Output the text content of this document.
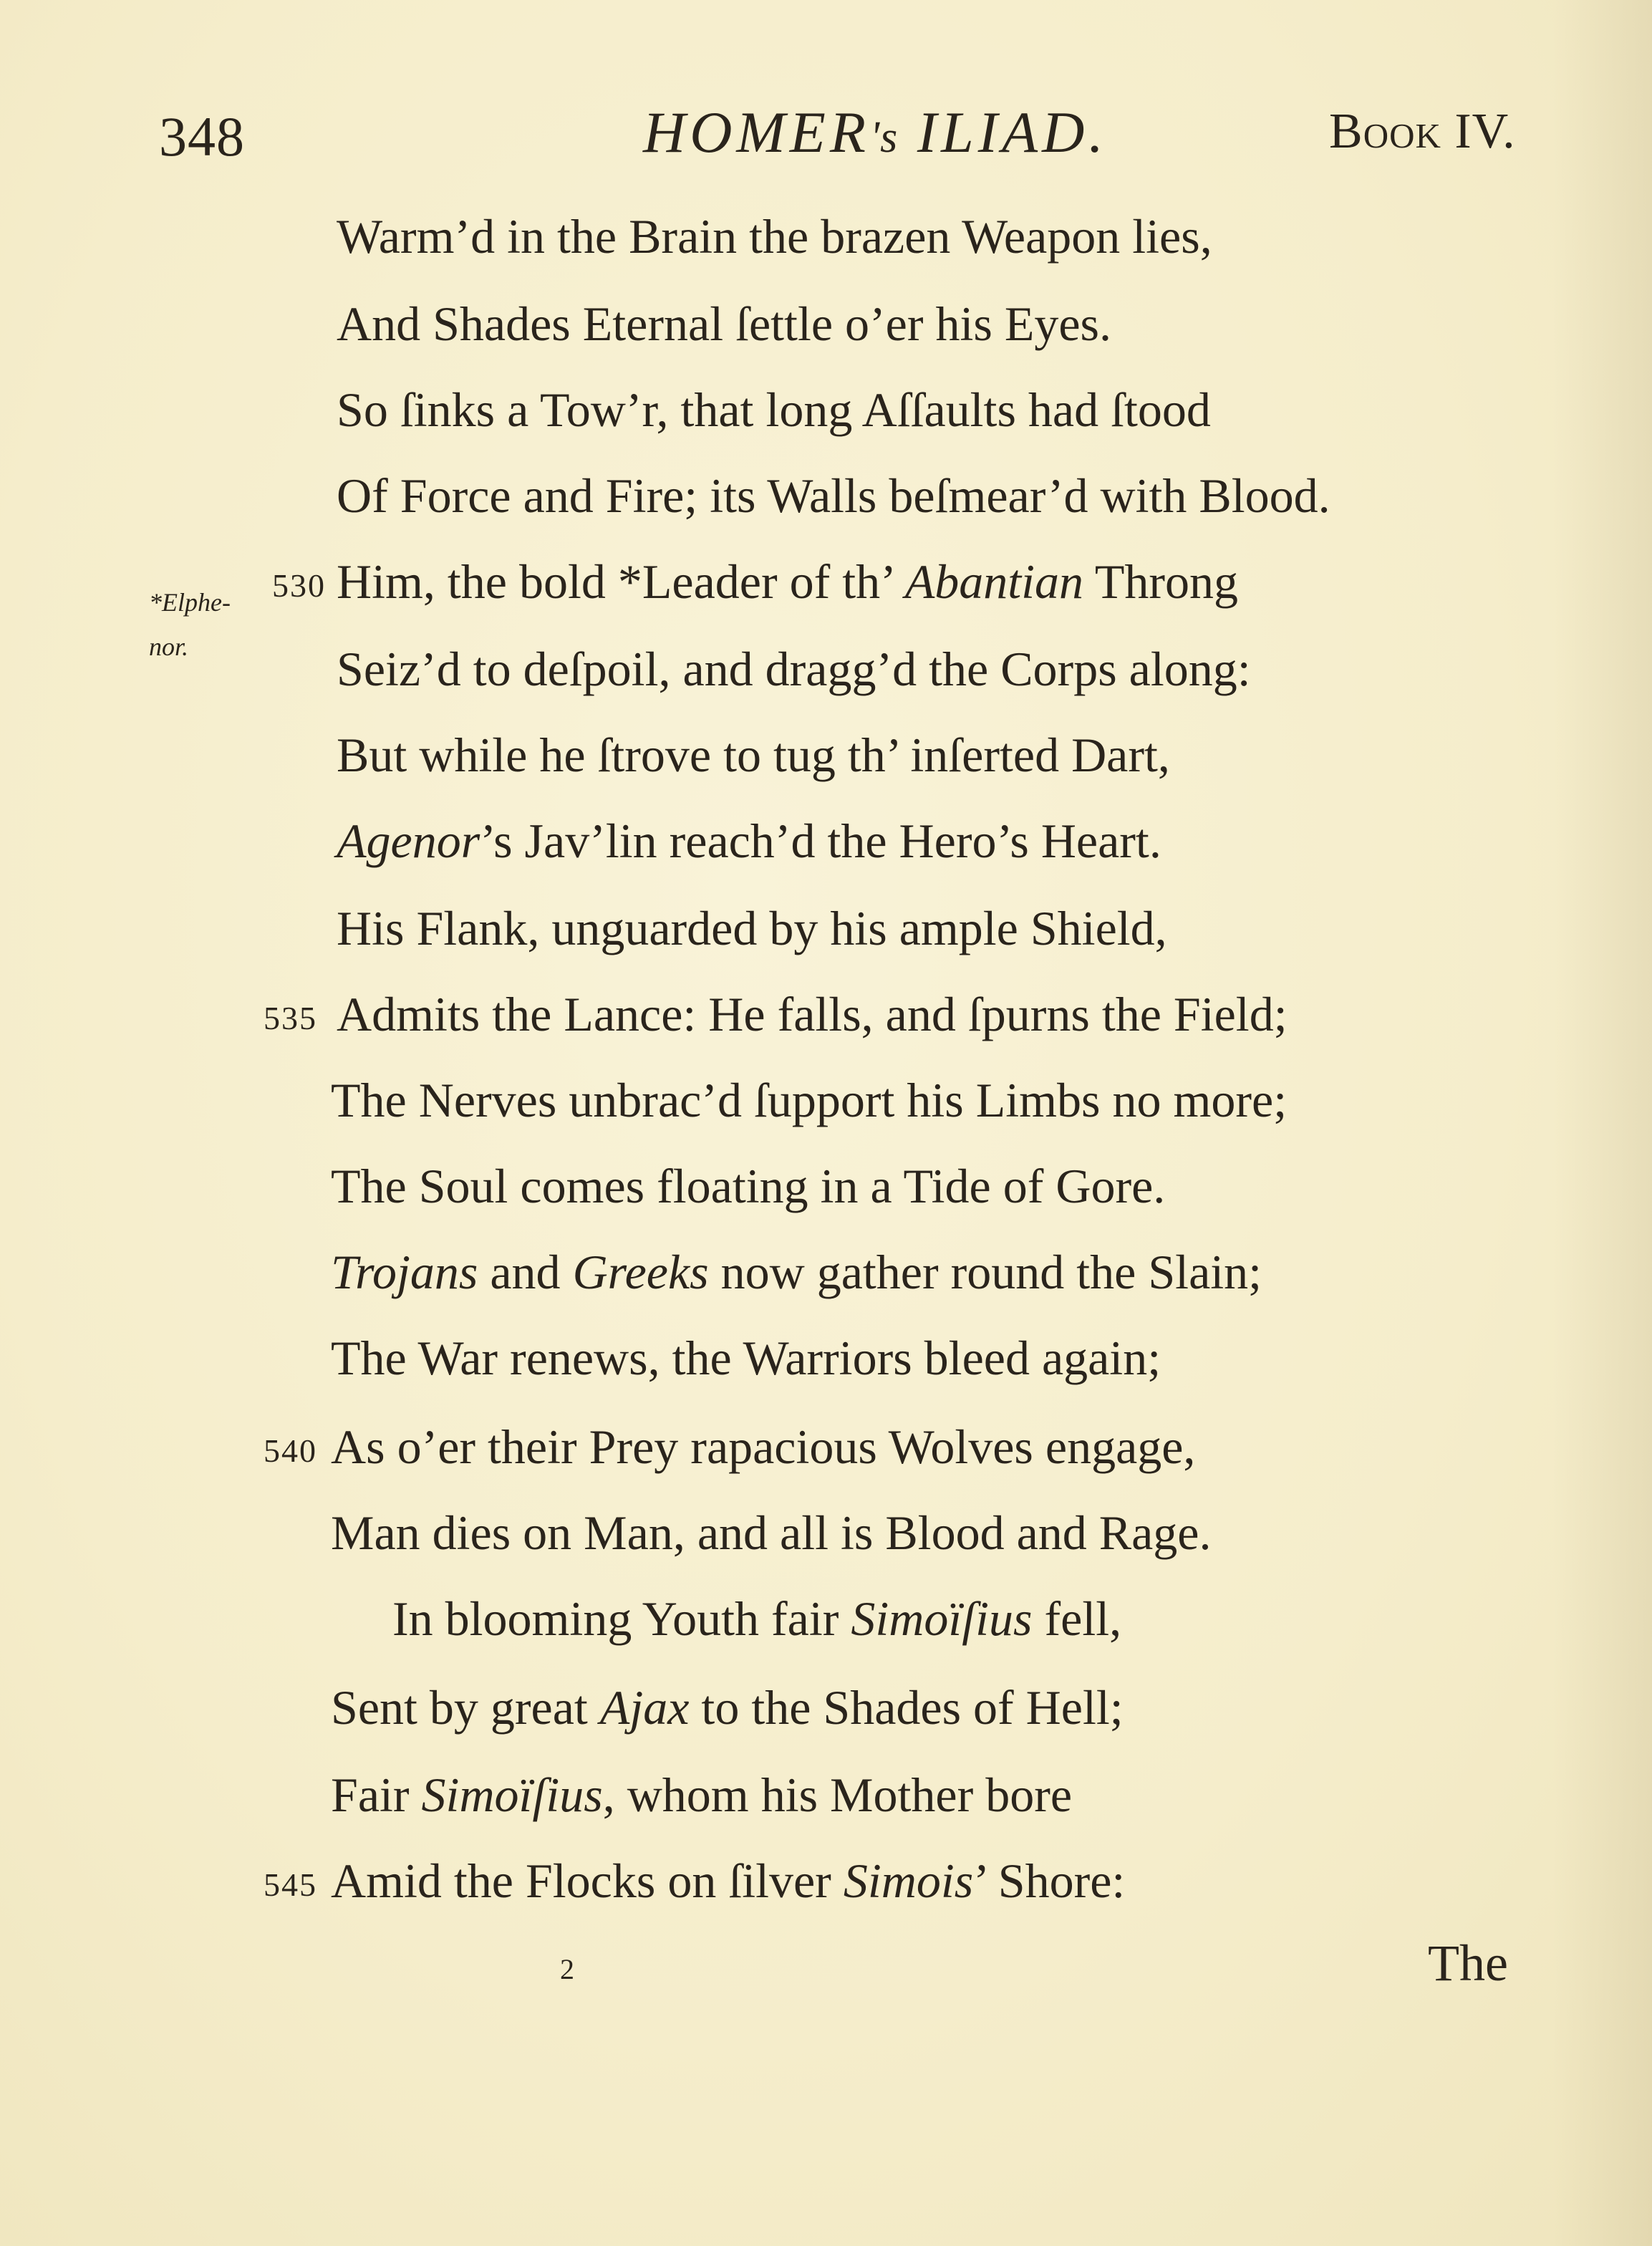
348	HOMER's ILIAD.	Book IV.
*Elphe-
nor.
Warm’d in the Brain the brazen Weapon lies,
And Shades Eternal ſettle o’er his Eyes.
So ſinks a Tow’r, that long Aſſaults had ſtood
Of Force and Fire; its Walls beſmear’d with Blood.
530 Him, the bold *Leader of th’ Abantian Throng
Seiz’d to deſpoil, and dragg’d the Corps along:
But while he ſtrove to tug th’ inſerted Dart,
Agenor’s Jav’lin reach’d the Hero’s Heart.
His Flank, unguarded by his ample Shield,
535 Admits the Lance: He falls, and ſpurns the Field;
The Nerves unbrac’d ſupport his Limbs no more;
The Soul comes floating in a Tide of Gore.
Trojans and Greeks now gather round the Slain;
The War renews, the Warriors bleed again;
540 As o’er their Prey rapacious Wolves engage,
Man dies on Man, and all is Blood and Rage.
In blooming Youth fair Simoïſius fell,
Sent by great Ajax to the Shades of Hell;
Fair Simoïſius, whom his Mother bore
545 Amid the Flocks on ſilver Simois’ Shore:
2	The
